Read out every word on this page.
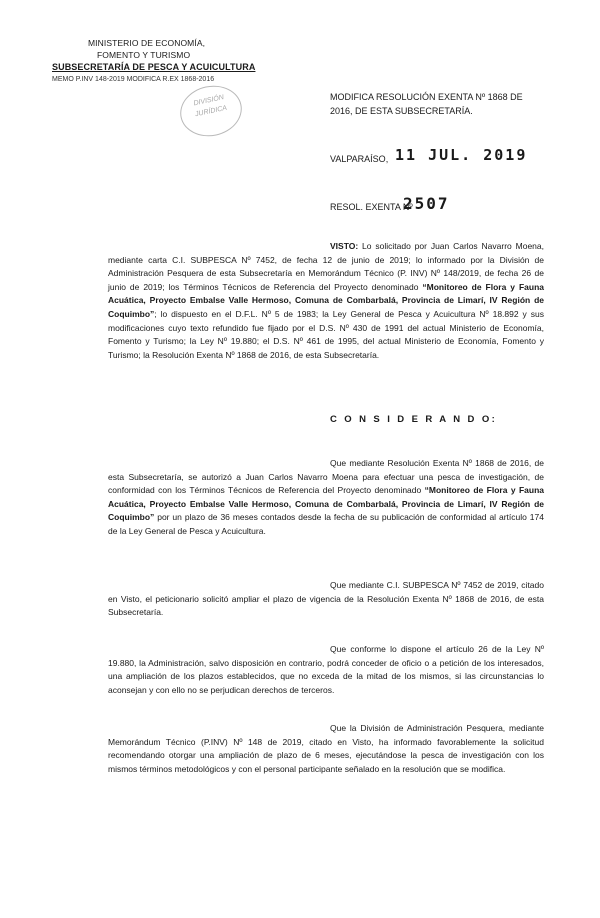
MINISTERIO DE ECONOMÍA,
FOMENTO Y TURISMO
SUBSECRETARÍA DE PESCA Y ACUICULTURA
MEMO P.INV 148-2019 MODIFICA R.EX 1868-2016
DIVISIÓN JURÍDICA
MODIFICA RESOLUCIÓN EXENTA Nº 1868 DE
2016, DE ESTA SUBSECRETARÍA.
VALPARAÍSO, 11 JUL. 2019
RESOL. EXENTA Nº
2507

VISTO: Lo solicitado por Juan Carlos Navarro Moena, mediante carta C.I. SUBPESCA Nº 7452, de fecha 12 de junio de 2019; lo informado por la División de Administración Pesquera de esta Subsecretaría en Memorándum Técnico (P. INV) Nº 148/2019, de fecha 26 de junio de 2019; los Términos Técnicos de Referencia del Proyecto denominado “Monitoreo de Flora y Fauna Acuática, Proyecto Embalse Valle Hermoso, Comuna de Combarbalá, Provincia de Limarí, IV Región de Coquimbo”; lo dispuesto en el D.F.L. Nº 5 de 1983; la Ley General de Pesca y Acuicultura Nº 18.892 y sus modificaciones cuyo texto refundido fue fijado por el D.S. Nº 430 de 1991 del actual Ministerio de Economía, Fomento y Turismo; la Ley Nº 19.880; el D.S. Nº 461 de 1995, del actual Ministerio de Economía, Fomento y Turismo; la Resolución Exenta Nº 1868 de 2016, de esta Subsecretaría.

C O N S I D E R A N D O:

Que mediante Resolución Exenta Nº 1868 de 2016, de esta Subsecretaría, se autorizó a Juan Carlos Navarro Moena para efectuar una pesca de investigación, de conformidad con los Términos Técnicos de Referencia del Proyecto denominado “Monitoreo de Flora y Fauna Acuática, Proyecto Embalse Valle Hermoso, Comuna de Combarbalá, Provincia de Limarí, IV Región de Coquimbo” por un plazo de 36 meses contados desde la fecha de su publicación de conformidad al artículo 174 de la Ley General de Pesca y Acuicultura.

Que mediante C.I. SUBPESCA Nº 7452 de 2019, citado en Visto, el peticionario solicitó ampliar el plazo de vigencia de la Resolución Exenta Nº 1868 de 2016, de esta Subsecretaría.

Que conforme lo dispone el artículo 26 de la Ley Nº 19.880, la Administración, salvo disposición en contrario, podrá conceder de oficio o a petición de los interesados, una ampliación de los plazos establecidos, que no exceda de la mitad de los mismos, si las circunstancias lo aconsejan y con ello no se perjudican derechos de terceros.

Que la División de Administración Pesquera, mediante Memorándum Técnico (P.INV) Nº 148 de 2019, citado en Visto, ha informado favorablemente la solicitud recomendando otorgar una ampliación de plazo de 6 meses, ejecutándose la pesca de investigación con los mismos términos metodológicos y con el personal participante señalado en la resolución que se modifica.
